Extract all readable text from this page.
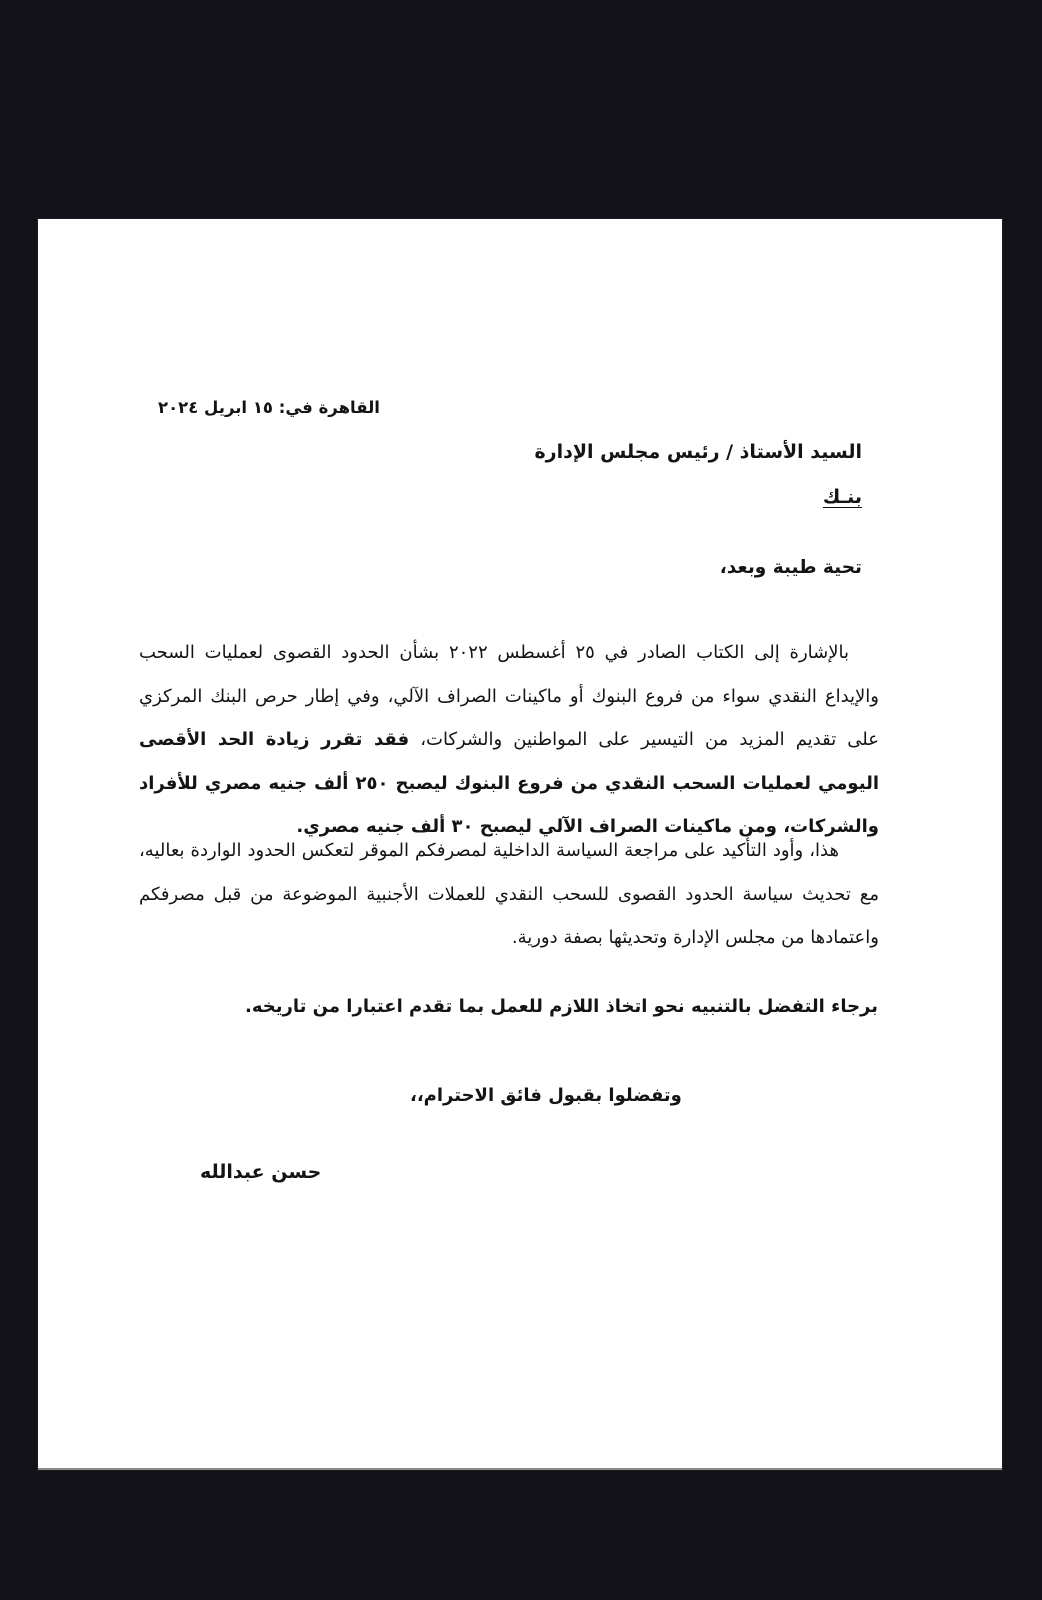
القاهرة في: ١٥ ابريل ٢٠٢٤
السيد الأستاذ / رئيس مجلس الإدارة
بنـك
تحية طيبة وبعد،
بالإشارة إلى الكتاب الصادر في ٢٥ أغسطس ٢٠٢٢ بشأن الحدود القصوى لعمليات السحب والإيداع النقدي سواء من فروع البنوك أو ماكينات الصراف الآلي، وفي إطار حرص البنك المركزي على تقديم المزيد من التيسير على المواطنين والشركات، فقد تقرر زيادة الحد الأقصى اليومي لعمليات السحب النقدي من فروع البنوك ليصبح ٢٥٠ ألف جنيه مصري للأفراد والشركات، ومن ماكينات الصراف الآلي ليصبح ٣٠ ألف جنيه مصري.
هذا، وأود التأكيد على مراجعة السياسة الداخلية لمصرفكم الموقر لتعكس الحدود الواردة بعاليه، مع تحديث سياسة الحدود القصوى للسحب النقدي للعملات الأجنبية الموضوعة من قبل مصرفكم واعتمادها من مجلس الإدارة وتحديثها بصفة دورية.
برجاء التفضل بالتنبيه نحو اتخاذ اللازم للعمل بما تقدم اعتبارا من تاريخه.
وتفضلوا بقبول فائق الاحترام،،
حسن عبدالله
